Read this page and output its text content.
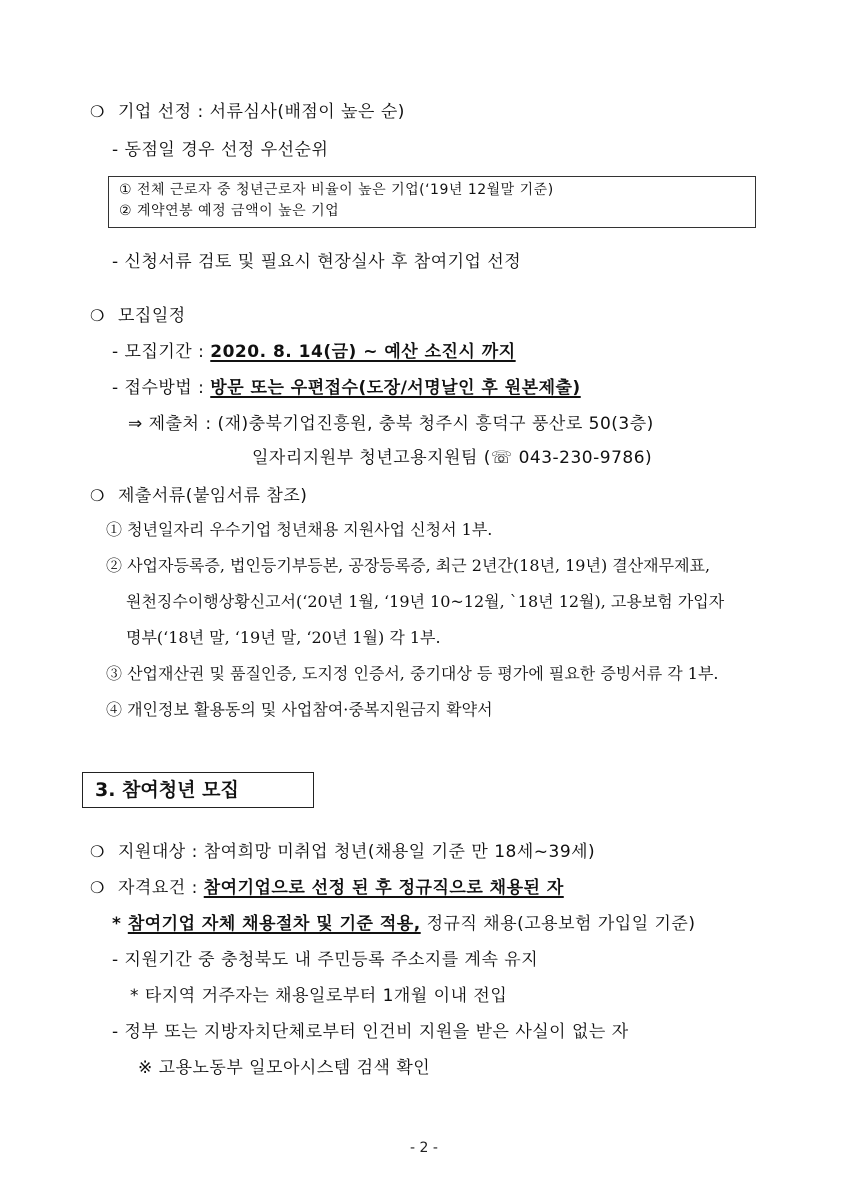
❍ 기업 선정 : 서류심사(배점이 높은 순)
- 동점일 경우 선정 우선순위
① 전체 근로자 중 청년근로자 비율이 높은 기업(‘19년 12월말 기준)
② 계약연봉 예정 금액이 높은 기업
- 신청서류 검토 및 필요시 현장실사 후 참여기업 선정
❍ 모집일정
- 모집기간 : 2020. 8. 14(금) ~ 예산 소진시 까지
- 접수방법 : 방문 또는 우편접수(도장/서명날인 후 원본제출)
⇒ 제출처 : (재)충북기업진흥원, 충북 청주시 흥덕구 풍산로 50(3층)
일자리지원부 청년고용지원팀 (☏ 043-230-9786)
❍ 제출서류(붙임서류 참조)
① 청년일자리 우수기업 청년채용 지원사업 신청서 1부.
② 사업자등록증, 법인등기부등본, 공장등록증, 최근 2년간(18년, 19년) 결산재무제표,
원천징수이행상황신고서(‘20년 1월, ‘19년 10~12월, `18년 12월), 고용보험 가입자
명부(‘18년 말, ‘19년 말, ‘20년 1월) 각 1부.
③ 산업재산권 및 품질인증, 도지정 인증서, 중기대상 등 평가에 필요한 증빙서류 각 1부.
④ 개인정보 활용동의 및 사업참여·중복지원금지 확약서
3. 참여청년 모집
❍ 지원대상 : 참여희망 미취업 청년(채용일 기준 만 18세~39세)
❍ 자격요건 : 참여기업으로 선정 된 후 정규직으로 채용된 자
* 참여기업 자체 채용절차 및 기준 적용, 정규직 채용(고용보험 가입일 기준)
- 지원기간 중 충청북도 내 주민등록 주소지를 계속 유지
* 타지역 거주자는 채용일로부터 1개월 이내 전입
- 정부 또는 지방자치단체로부터 인건비 지원을 받은 사실이 없는 자
※ 고용노동부 일모아시스템 검색 확인
- 2 -
